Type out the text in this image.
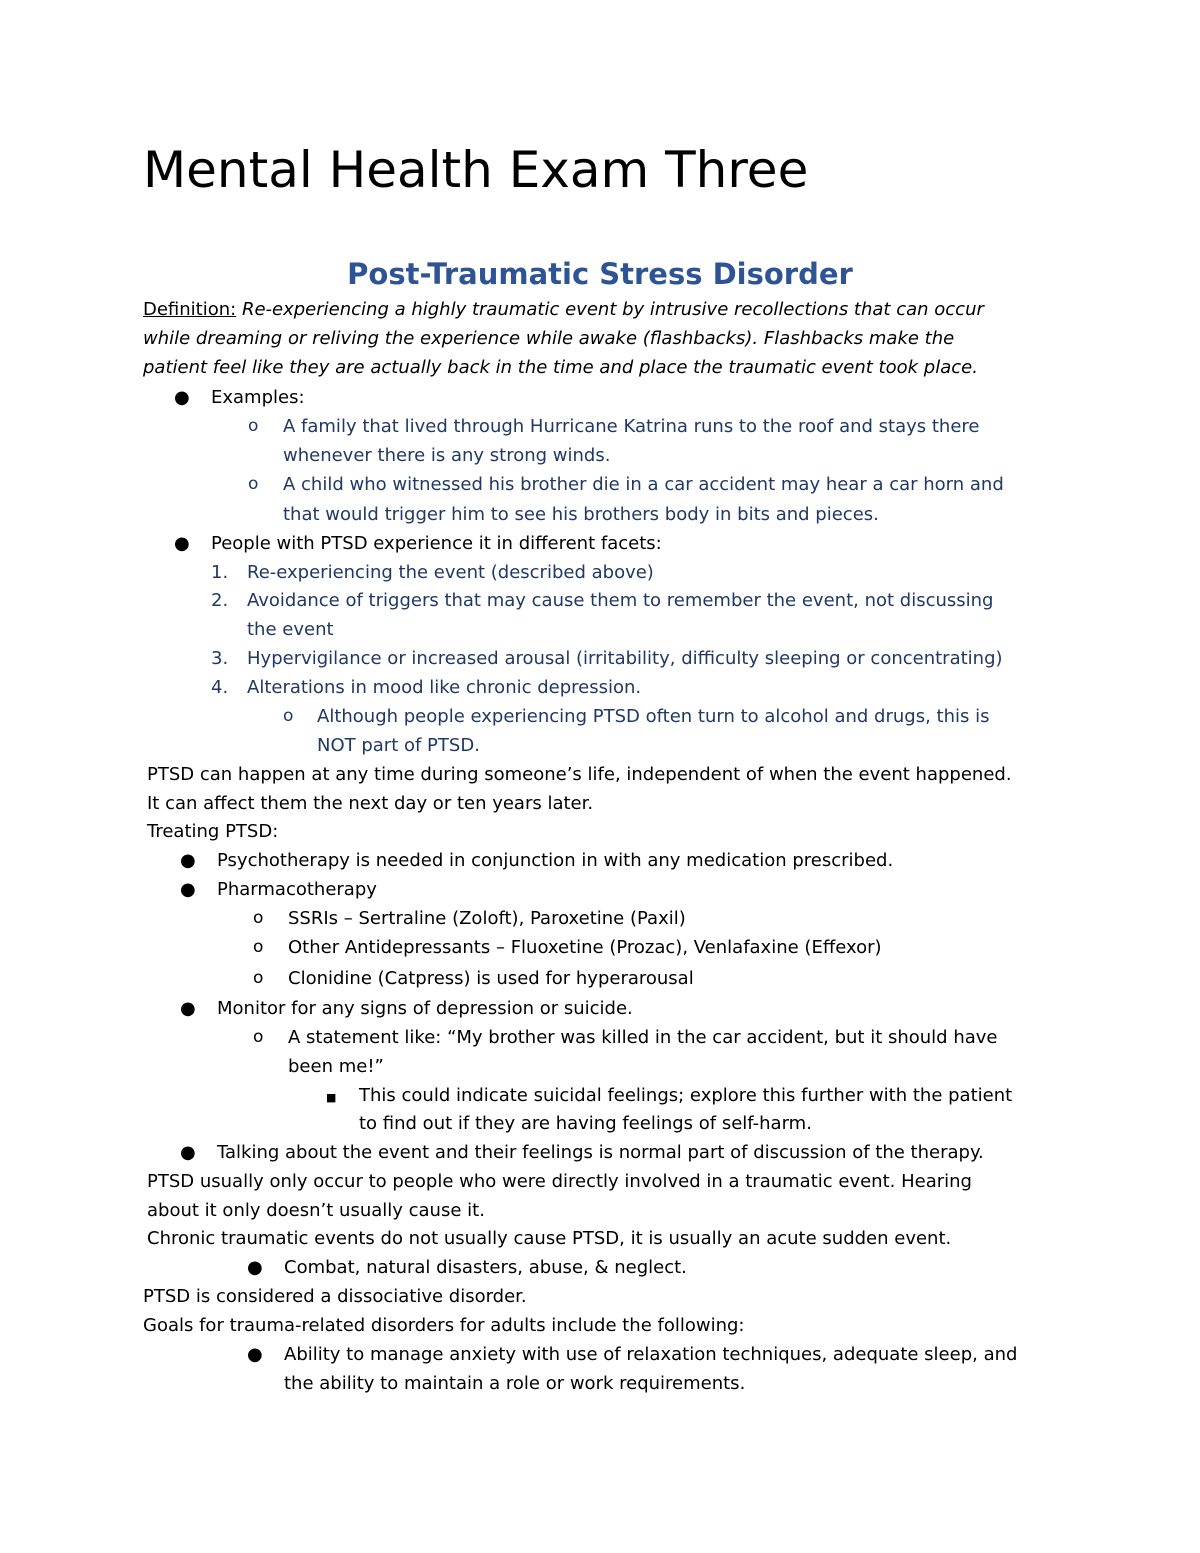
Mental Health Exam Three
Post-Traumatic Stress Disorder
Definition: Re-experiencing a highly traumatic event by intrusive recollections that can occur
while dreaming or reliving the experience while awake (flashbacks). Flashbacks make the
patient feel like they are actually back in the time and place the traumatic event took place.
● Examples:
o A family that lived through Hurricane Katrina runs to the roof and stays there
whenever there is any strong winds.
o A child who witnessed his brother die in a car accident may hear a car horn and
that would trigger him to see his brothers body in bits and pieces.
● People with PTSD experience it in different facets:
1. Re-experiencing the event (described above)
2. Avoidance of triggers that may cause them to remember the event, not discussing
the event
3. Hypervigilance or increased arousal (irritability, difficulty sleeping or concentrating)
4. Alterations in mood like chronic depression.
o Although people experiencing PTSD often turn to alcohol and drugs, this is
NOT part of PTSD.
PTSD can happen at any time during someone’s life, independent of when the event happened.
It can affect them the next day or ten years later.
Treating PTSD:
● Psychotherapy is needed in conjunction in with any medication prescribed.
● Pharmacotherapy
o SSRIs – Sertraline (Zoloft), Paroxetine (Paxil)
o Other Antidepressants – Fluoxetine (Prozac), Venlafaxine (Effexor)
o Clonidine (Catpress) is used for hyperarousal
● Monitor for any signs of depression or suicide.
o A statement like: “My brother was killed in the car accident, but it should have
been me!”
■ This could indicate suicidal feelings; explore this further with the patient
to find out if they are having feelings of self-harm.
● Talking about the event and their feelings is normal part of discussion of the therapy.
PTSD usually only occur to people who were directly involved in a traumatic event. Hearing
about it only doesn’t usually cause it.
Chronic traumatic events do not usually cause PTSD, it is usually an acute sudden event.
● Combat, natural disasters, abuse, & neglect.
PTSD is considered a dissociative disorder.
Goals for trauma-related disorders for adults include the following:
● Ability to manage anxiety with use of relaxation techniques, adequate sleep, and
the ability to maintain a role or work requirements.
